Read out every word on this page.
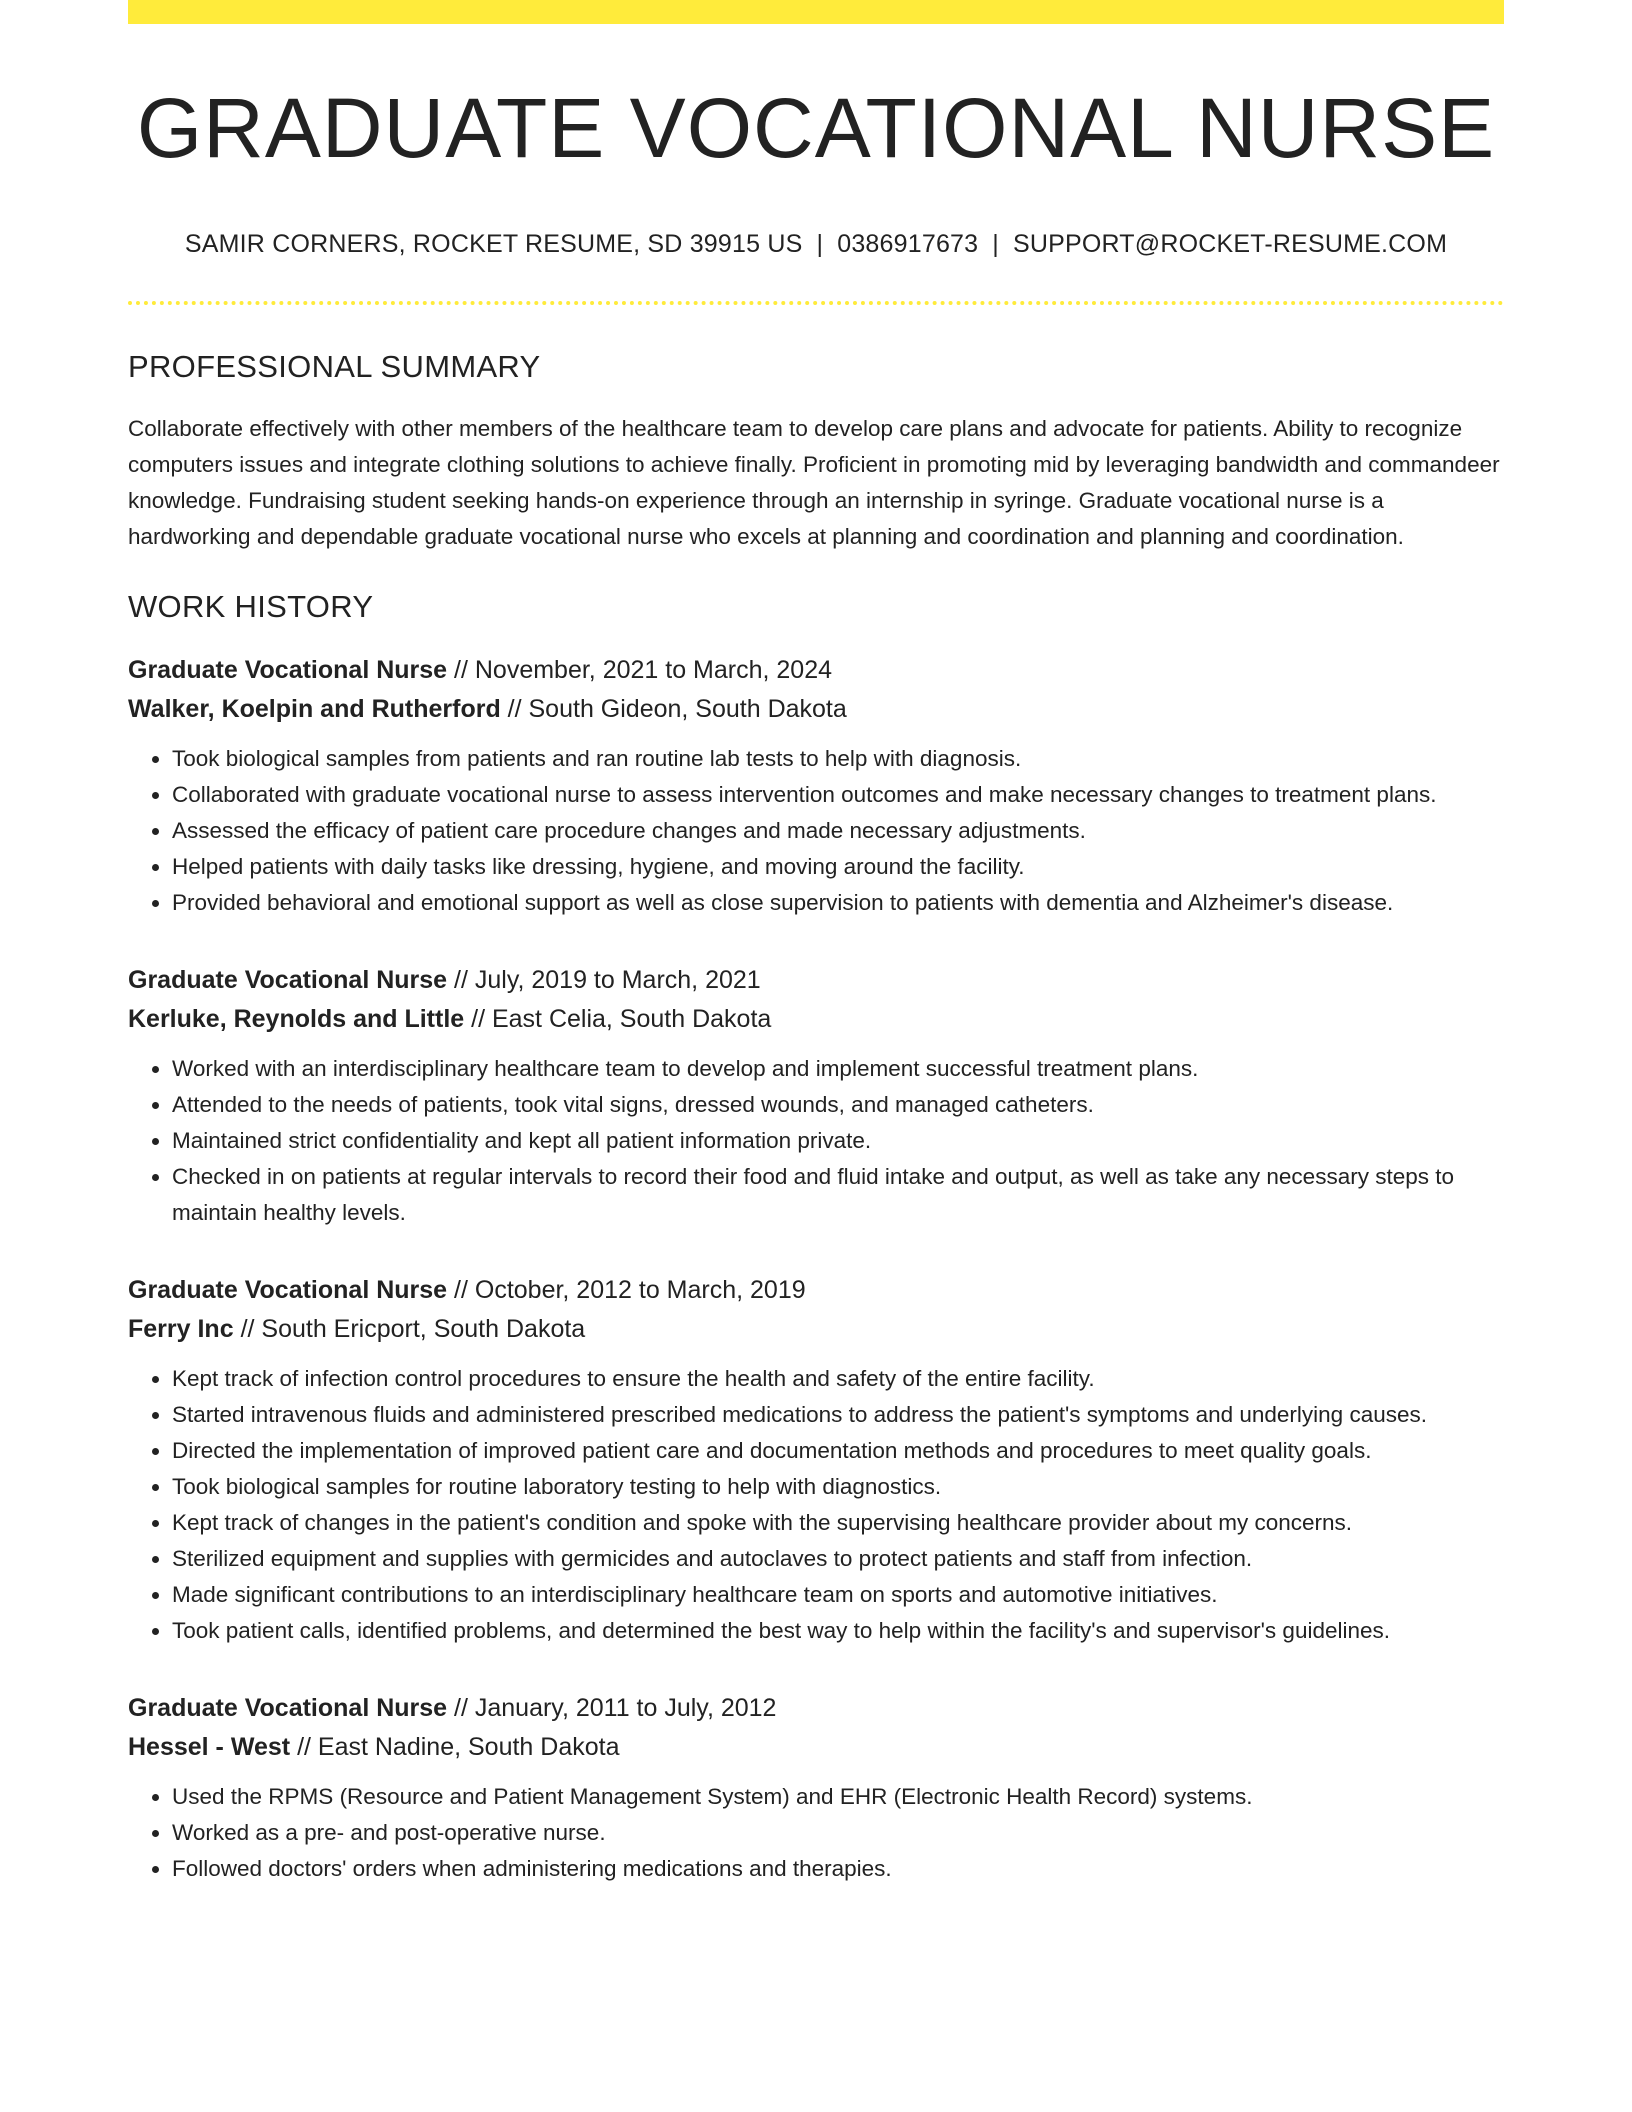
GRADUATE VOCATIONAL NURSE
SAMIR CORNERS, ROCKET RESUME, SD 39915 US | 0386917673 | SUPPORT@ROCKET-RESUME.COM
PROFESSIONAL SUMMARY
Collaborate effectively with other members of the healthcare team to develop care plans and advocate for patients. Ability to recognize computers issues and integrate clothing solutions to achieve finally. Proficient in promoting mid by leveraging bandwidth and commandeer knowledge. Fundraising student seeking hands-on experience through an internship in syringe. Graduate vocational nurse is a hardworking and dependable graduate vocational nurse who excels at planning and coordination and planning and coordination.
WORK HISTORY
Graduate Vocational Nurse // November, 2021 to March, 2024
Walker, Koelpin and Rutherford // South Gideon, South Dakota
• Took biological samples from patients and ran routine lab tests to help with diagnosis.
• Collaborated with graduate vocational nurse to assess intervention outcomes and make necessary changes to treatment plans.
• Assessed the efficacy of patient care procedure changes and made necessary adjustments.
• Helped patients with daily tasks like dressing, hygiene, and moving around the facility.
• Provided behavioral and emotional support as well as close supervision to patients with dementia and Alzheimer's disease.
Graduate Vocational Nurse // July, 2019 to March, 2021
Kerluke, Reynolds and Little // East Celia, South Dakota
• Worked with an interdisciplinary healthcare team to develop and implement successful treatment plans.
• Attended to the needs of patients, took vital signs, dressed wounds, and managed catheters.
• Maintained strict confidentiality and kept all patient information private.
• Checked in on patients at regular intervals to record their food and fluid intake and output, as well as take any necessary steps to maintain healthy levels.
Graduate Vocational Nurse // October, 2012 to March, 2019
Ferry Inc // South Ericport, South Dakota
• Kept track of infection control procedures to ensure the health and safety of the entire facility.
• Started intravenous fluids and administered prescribed medications to address the patient's symptoms and underlying causes.
• Directed the implementation of improved patient care and documentation methods and procedures to meet quality goals.
• Took biological samples for routine laboratory testing to help with diagnostics.
• Kept track of changes in the patient's condition and spoke with the supervising healthcare provider about my concerns.
• Sterilized equipment and supplies with germicides and autoclaves to protect patients and staff from infection.
• Made significant contributions to an interdisciplinary healthcare team on sports and automotive initiatives.
• Took patient calls, identified problems, and determined the best way to help within the facility's and supervisor's guidelines.
Graduate Vocational Nurse // January, 2011 to July, 2012
Hessel - West // East Nadine, South Dakota
• Used the RPMS (Resource and Patient Management System) and EHR (Electronic Health Record) systems.
• Worked as a pre- and post-operative nurse.
• Followed doctors' orders when administering medications and therapies.
